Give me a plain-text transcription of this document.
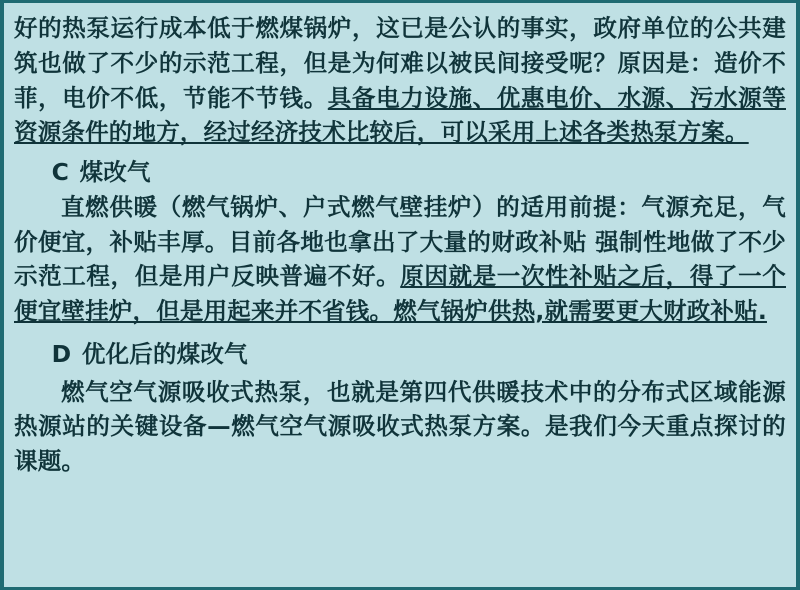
好的热泵运行成本低于燃煤锅炉，这已是公认的事实，政府单位的公共建筑也做了不少的示范工程，但是为何难以被民间接受呢？原因是：造价不菲，电价不低，节能不节钱。具备电力设施、优惠电价、水源、污水源等资源条件的地方，经过经济技术比较后，可以采用上述各类热泵方案。

C 煤改气

直燃供暖（燃气锅炉、户式燃气壁挂炉）的适用前提：气源充足，气价便宜，补贴丰厚。目前各地也拿出了大量的财政补贴 强制性地做了不少示范工程，但是用户反映普遍不好。原因就是一次性补贴之后，得了一个便宜壁挂炉，但是用起来并不省钱。燃气锅炉供热,就需要更大财政补贴.

D 优化后的煤改气

燃气空气源吸收式热泵，也就是第四代供暖技术中的分布式区域能源热源站的关键设备—燃气空气源吸收式热泵方案。是我们今天重点探讨的课题。
